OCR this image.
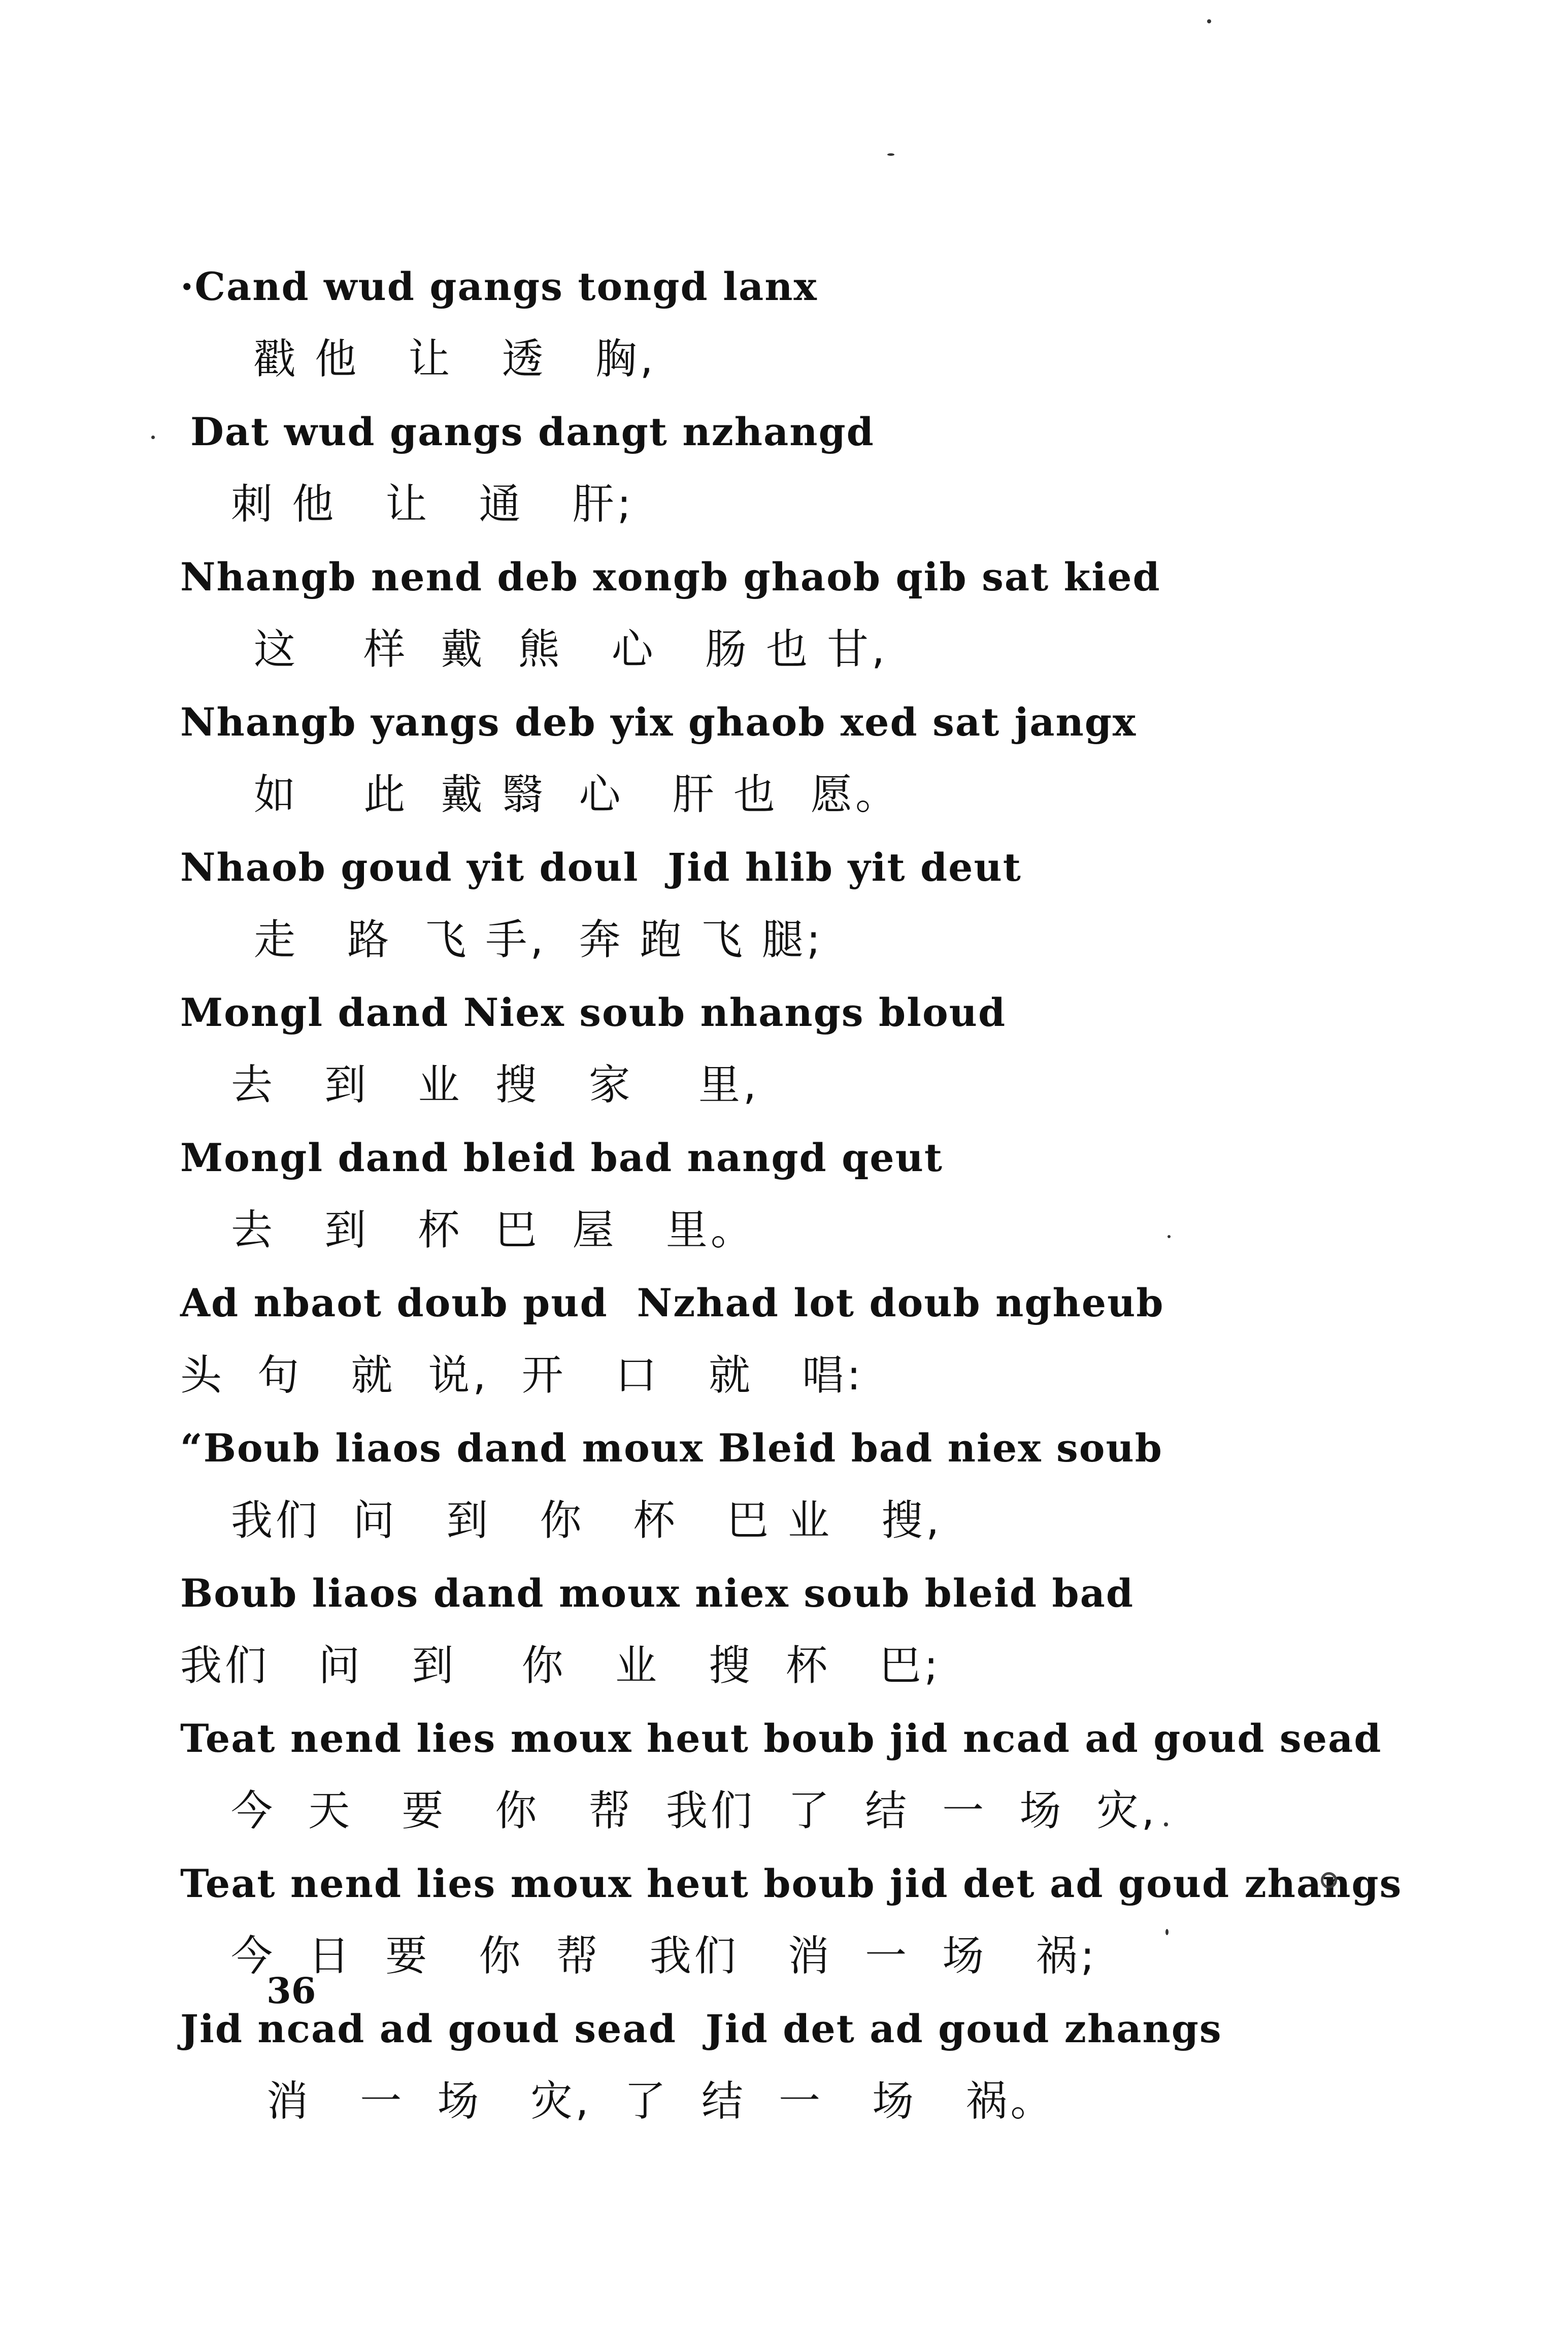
·Cand wud gangs tongd lanx
戳 他   让   透   胸,
Dat wud gangs dangt nzhangd
刺 他   让   通   肝;
Nhangb nend deb xongb ghaob qib sat kied
这    样  戴  熊   心   肠 也 甘,
Nhangb yangs deb yix ghaob xed sat jangx
如    此  戴 翳  心   肝 也  愿。
Nhaob goud yit doul  Jid hlib yit deut
走   路  飞 手,  奔 跑 飞 腿;
Mongl dand Niex soub nhangs bloud
去   到   业  搜   家    里,
Mongl dand bleid bad nangd qeut
去   到   杯  巴  屋   里。
Ad nbaot doub pud  Nzhad lot doub ngheub
头  句   就  说,  开   口   就   唱:
“Boub liaos dand moux Bleid bad niex soub
我们  问   到   你   杯   巴 业   搜,
Boub liaos dand moux niex soub bleid bad
我们   问   到    你   业   搜  杯   巴;
Teat nend lies moux heut boub jid ncad ad goud sead
今  天   要   你   帮  我们  了  结  一  场  灾,
Teat nend lies moux heut boub jid det ad goud zhangs
今  日  要   你  帮   我们   消  一  场   祸;
Jid ncad ad goud sead  Jid det ad goud zhangs
消   一  场   灾,  了  结  一   场   祸。
36
